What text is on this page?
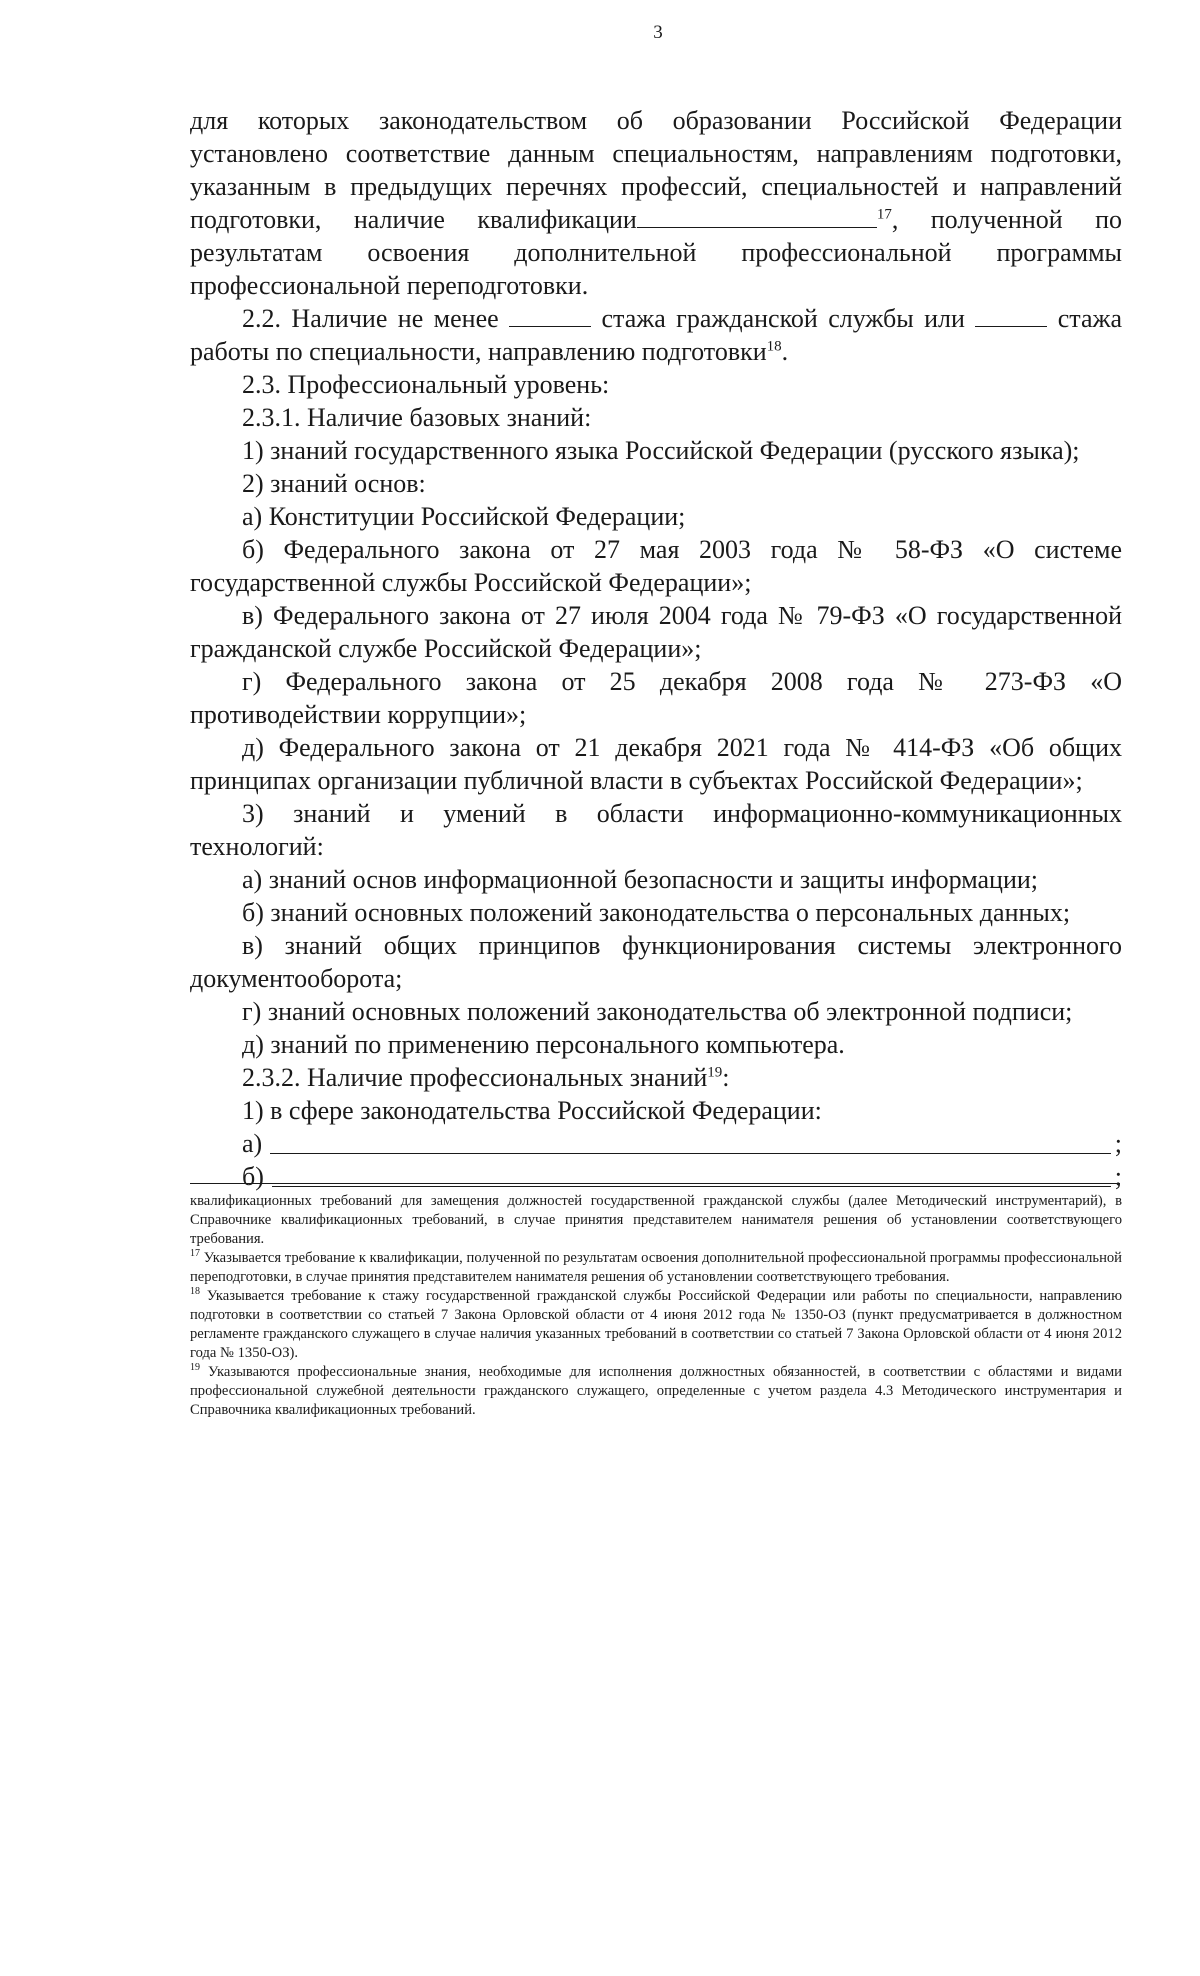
3

для которых законодательством об образовании Российской Федерации установлено соответствие данным специальностям, направлениям подготовки, указанным в предыдущих перечнях профессий, специальностей и направлений подготовки, наличие квалификации	$^{17}$, полученной по результатам освоения дополнительной профессиональной программы профессиональной переподготовки.

2.2. Наличие не менее	стажа гражданской службы или	стажа работы по специальности, направлению подготовки$^{18}$.

2.3. Профессиональный уровень:

2.3.1. Наличие базовых знаний:

1) знаний государственного языка Российской Федерации (русского языка);

2) знаний основ:

а) Конституции Российской Федерации;

б) Федерального закона от 27 мая 2003 года № 58-ФЗ «О системе государственной службы Российской Федерации»;

в) Федерального закона от 27 июля 2004 года № 79-ФЗ «О государственной гражданской службе Российской Федерации»;

г) Федерального закона от 25 декабря 2008 года № 273-ФЗ «О противодействии коррупции»;

д) Федерального закона от 21 декабря 2021 года № 414-ФЗ «Об общих принципах организации публичной власти в субъектах Российской Федерации»;

3) знаний и умений в области информационно-коммуникационных технологий:

а) знаний основ информационной безопасности и защиты информации;

б) знаний основных положений законодательства о персональных данных;

в) знаний общих принципов функционирования системы электронного документооборота;

г) знаний основных положений законодательства об электронной подписи;

д) знаний по применению персонального компьютера.

2.3.2. Наличие профессиональных знаний$^{19}$:

1) в сфере законодательства Российской Федерации:

а)	;
б)	;

квалификационных требований для замещения должностей государственной гражданской службы (далее Методический инструментарий), в Справочнике квалификационных требований, в случае принятия представителем нанимателя решения об установлении соответствующего требования.

$^{17}$ Указывается требование к квалификации, полученной по результатам освоения дополнительной профессиональной программы профессиональной переподготовки, в случае принятия представителем нанимателя решения об установлении соответствующего требования.

$^{18}$ Указывается требование к стажу государственной гражданской службы Российской Федерации или работы по специальности, направлению подготовки в соответствии со статьей 7 Закона Орловской области от 4 июня 2012 года № 1350-ОЗ (пункт предусматривается в должностном регламенте гражданского служащего в случае наличия указанных требований в соответствии со статьей 7 Закона Орловской области от 4 июня 2012 года № 1350-ОЗ).

$^{19}$ Указываются профессиональные знания, необходимые для исполнения должностных обязанностей, в соответствии с областями и видами профессиональной служебной деятельности гражданского служащего, определенные с учетом раздела 4.3 Методического инструментария и Справочника квалификационных требований.
